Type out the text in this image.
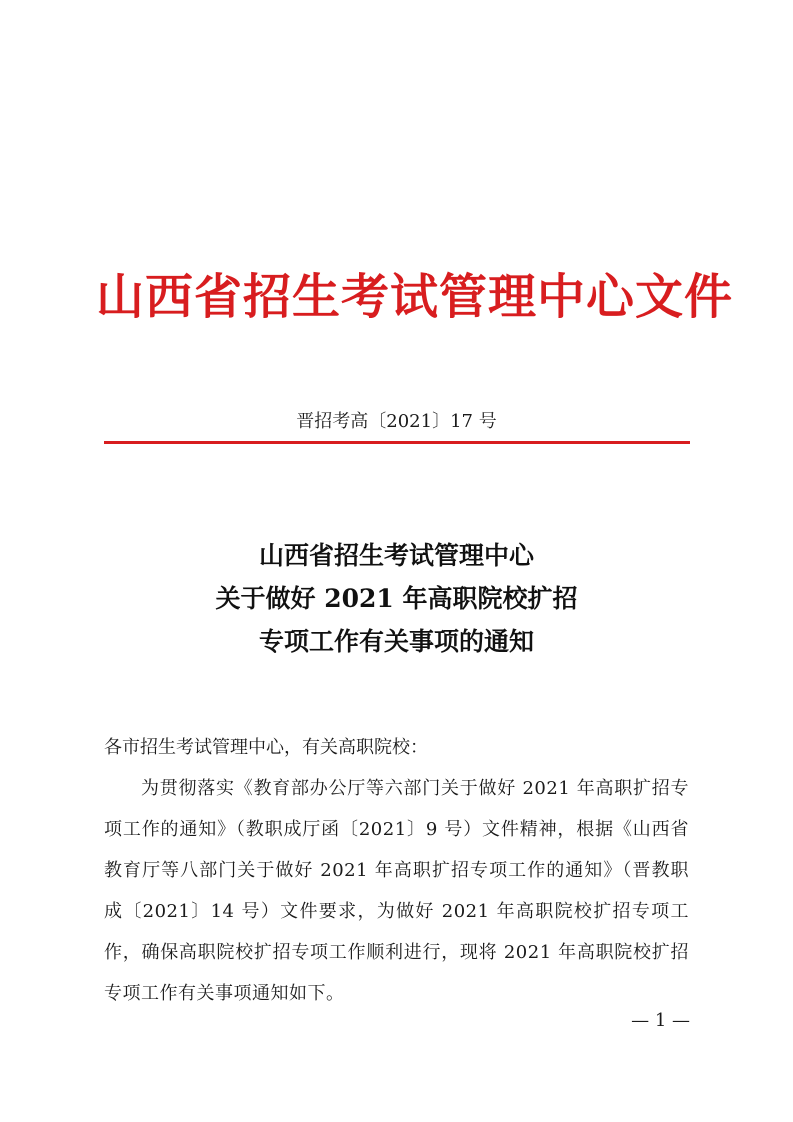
山西省招生考试管理中心文件
晋招考高〔2021〕17 号
山西省招生考试管理中心
关于做好 2021 年高职院校扩招
专项工作有关事项的通知
各市招生考试管理中心，有关高职院校：

为贯彻落实《教育部办公厅等六部门关于做好 2021 年高职扩招专项工作的通知》（教职成厅函〔2021〕9 号）文件精神，根据《山西省教育厅等八部门关于做好 2021 年高职扩招专项工作的通知》（晋教职成〔2021〕14 号）文件要求，为做好 2021 年高职院校扩招专项工作，确保高职院校扩招专项工作顺利进行，现将 2021 年高职院校扩招专项工作有关事项通知如下。

— 1 —
